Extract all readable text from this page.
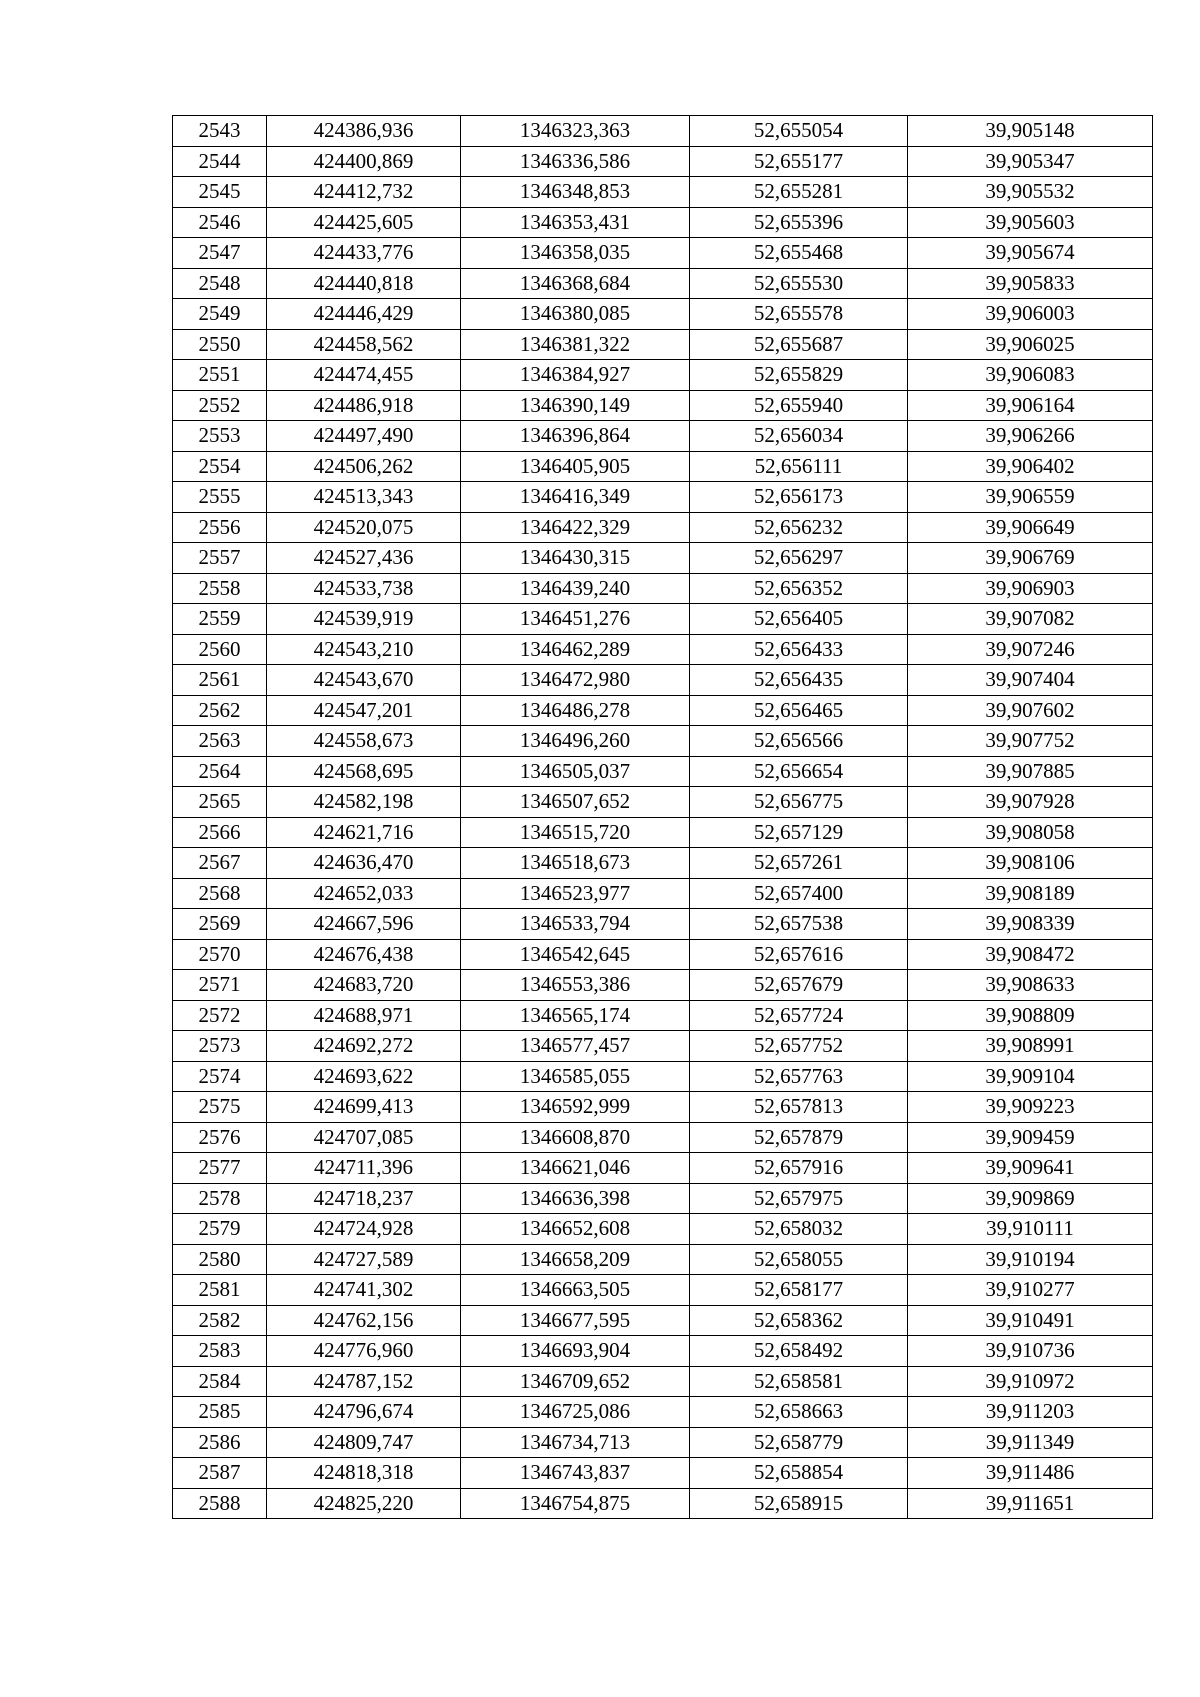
2543	424386,936	1346323,363	52,655054	39,905148
2544	424400,869	1346336,586	52,655177	39,905347
2545	424412,732	1346348,853	52,655281	39,905532
2546	424425,605	1346353,431	52,655396	39,905603
2547	424433,776	1346358,035	52,655468	39,905674
2548	424440,818	1346368,684	52,655530	39,905833
2549	424446,429	1346380,085	52,655578	39,906003
2550	424458,562	1346381,322	52,655687	39,906025
2551	424474,455	1346384,927	52,655829	39,906083
2552	424486,918	1346390,149	52,655940	39,906164
2553	424497,490	1346396,864	52,656034	39,906266
2554	424506,262	1346405,905	52,656111	39,906402
2555	424513,343	1346416,349	52,656173	39,906559
2556	424520,075	1346422,329	52,656232	39,906649
2557	424527,436	1346430,315	52,656297	39,906769
2558	424533,738	1346439,240	52,656352	39,906903
2559	424539,919	1346451,276	52,656405	39,907082
2560	424543,210	1346462,289	52,656433	39,907246
2561	424543,670	1346472,980	52,656435	39,907404
2562	424547,201	1346486,278	52,656465	39,907602
2563	424558,673	1346496,260	52,656566	39,907752
2564	424568,695	1346505,037	52,656654	39,907885
2565	424582,198	1346507,652	52,656775	39,907928
2566	424621,716	1346515,720	52,657129	39,908058
2567	424636,470	1346518,673	52,657261	39,908106
2568	424652,033	1346523,977	52,657400	39,908189
2569	424667,596	1346533,794	52,657538	39,908339
2570	424676,438	1346542,645	52,657616	39,908472
2571	424683,720	1346553,386	52,657679	39,908633
2572	424688,971	1346565,174	52,657724	39,908809
2573	424692,272	1346577,457	52,657752	39,908991
2574	424693,622	1346585,055	52,657763	39,909104
2575	424699,413	1346592,999	52,657813	39,909223
2576	424707,085	1346608,870	52,657879	39,909459
2577	424711,396	1346621,046	52,657916	39,909641
2578	424718,237	1346636,398	52,657975	39,909869
2579	424724,928	1346652,608	52,658032	39,910111
2580	424727,589	1346658,209	52,658055	39,910194
2581	424741,302	1346663,505	52,658177	39,910277
2582	424762,156	1346677,595	52,658362	39,910491
2583	424776,960	1346693,904	52,658492	39,910736
2584	424787,152	1346709,652	52,658581	39,910972
2585	424796,674	1346725,086	52,658663	39,911203
2586	424809,747	1346734,713	52,658779	39,911349
2587	424818,318	1346743,837	52,658854	39,911486
2588	424825,220	1346754,875	52,658915	39,911651
